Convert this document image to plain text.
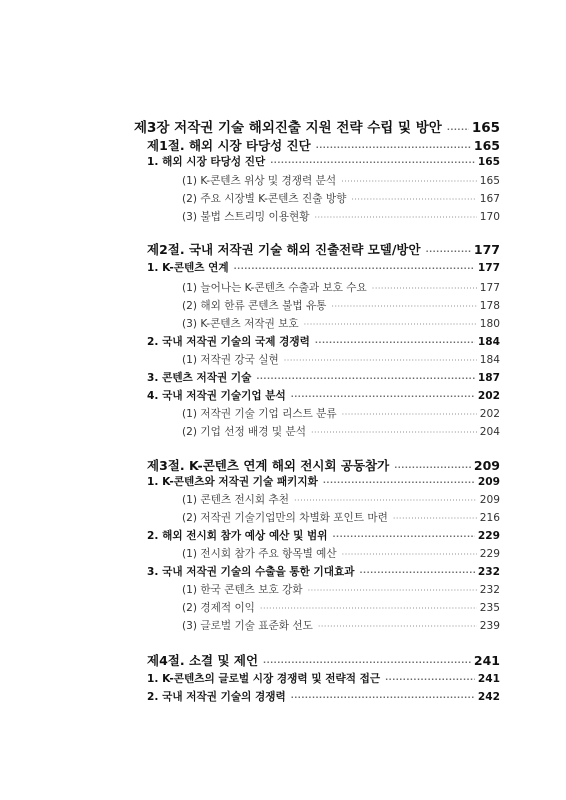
제3장 저작권 기술 해외진출 지원 전략 수립 및 방안 ····· 165
제1절. 해외 시장 타당성 진단 ·····	165
1. 해외 시장 타당성 진단 ·····	165
(1) K-콘텐츠 위상 및 경쟁력 분석 ·····	165
(2) 주요 시장별 K-콘텐츠 진출 방향 ·····	167
(3) 불법 스트리밍 이용현황 ·····	170
제2절. 국내 저작권 기술 해외 진출전략 모델/방안 ·····	177
1. K-콘텐츠 연계 ·····	177
(1) 늘어나는 K-콘텐츠 수출과 보호 수요 ·····	177
(2) 해외 한류 콘텐츠 불법 유통 ·····	178
(3) K-콘텐츠 저작권 보호 ·····	180
2. 국내 저작권 기술의 국제 경쟁력 ·····	184
(1) 저작권 강국 실현 ·····	184
3. 콘텐츠 저작권 기술 ·····	187
4. 국내 저작권 기술기업 분석 ·····	202
(1) 저작권 기술 기업 리스트 분류 ·····	202
(2) 기업 선정 배경 및 분석 ·····	204
제3절. K-콘텐츠 연계 해외 전시회 공동참가 ·····	209
1. K-콘텐츠와 저작권 기술 패키지화 ·····	209
(1) 콘텐츠 전시회 추천 ·····	209
(2) 저작권 기술기업만의 차별화 포인트 마련 ·····	216
2. 해외 전시회 참가 예상 예산 및 범위 ·····	229
(1) 전시회 참가 주요 항목별 예산 ·····	229
3. 국내 저작권 기술의 수출을 통한 기대효과 ·····	232
(1) 한국 콘텐츠 보호 강화 ·····	232
(2) 경제적 이익 ·····	235
(3) 글로벌 기술 표준화 선도 ·····	239
제4절. 소결 및 제언 ·····	241
1. K-콘텐츠의 글로벌 시장 경쟁력 및 전략적 접근 ·····	241
2. 국내 저작권 기술의 경쟁력 ·····	242
